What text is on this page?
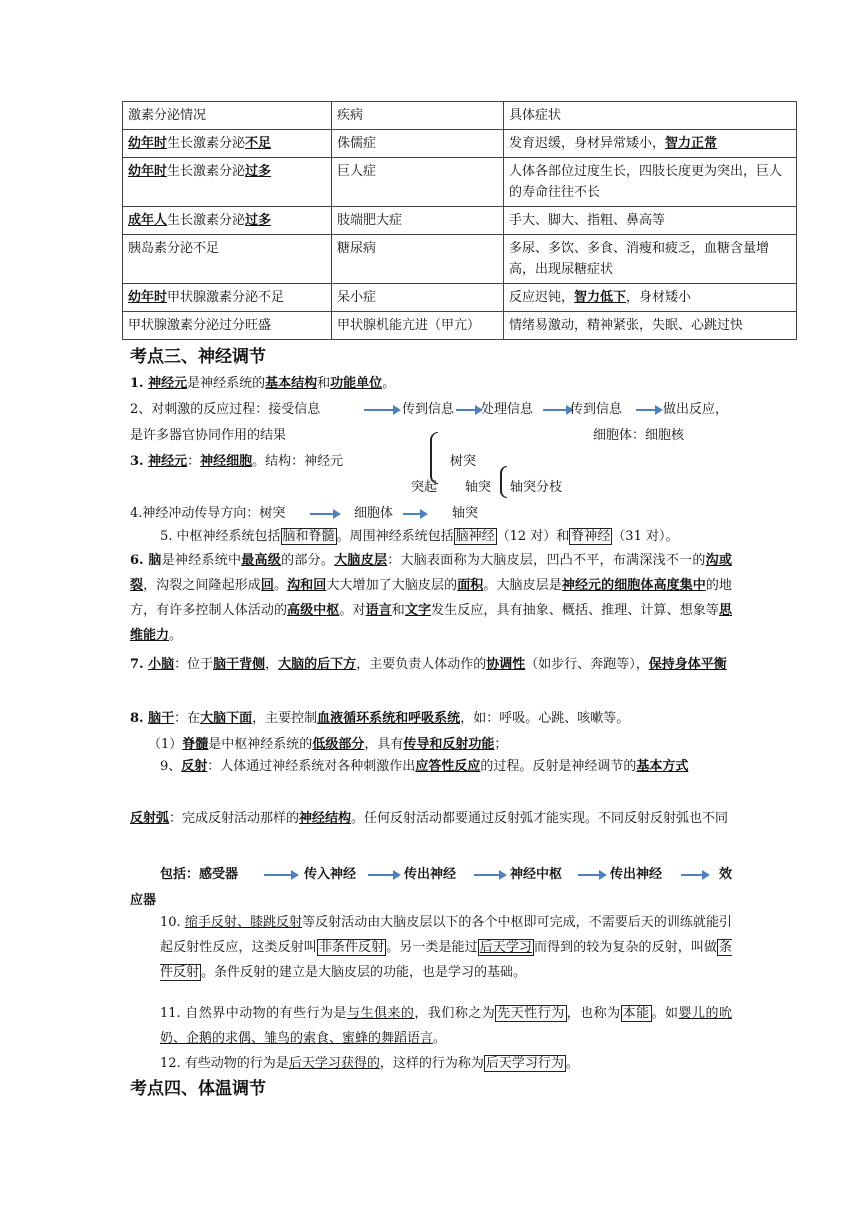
激素分泌情况	疾病	具体症状
幼年时生长激素分泌不足	侏儒症	发育迟缓，身材异常矮小，智力正常
幼年时生长激素分泌过多	巨人症	人体各部位过度生长，四肢长度更为突出，巨人的寿命往往不长
成年人生长激素分泌过多	肢端肥大症	手大、脚大、指粗、鼻高等
胰岛素分泌不足	糖尿病	多尿、多饮、多食、消瘦和疲乏，血糖含量增高，出现尿糖症状
幼年时甲状腺激素分泌不足	呆小症	反应迟钝，智力低下，身材矮小
甲状腺激素分泌过分旺盛	甲状腺机能亢进（甲亢）	情绪易激动，精神紧张，失眠、心跳过快
考点三、神经调节
1. 神经元是神经系统的基本结构和功能单位。
2、对刺激的反应过程：接受信息	传到信息 处理信息	传到信息	做出反应，
是许多器官协同作用的结果	细胞体：细胞核
3. 神经元：神经细胞。结构：神经元	树突
突起 轴突 轴突分枝
4.神经冲动传导方向：树突	细胞体	轴突
5. 中枢神经系统包括 脑和脊髓 。周围神经系统包括 脑神经 （12 对）和 脊神经 （31 对）。
6. 脑是神经系统中最高级的部分。大脑皮层：大脑表面称为大脑皮层，凹凸不平，布满深浅不一的沟或裂，沟裂之间隆起形成回。沟和回大大增加了大脑皮层的面积。大脑皮层是神经元的细胞体高度集中的地方，有许多控制人体活动的高级中枢。对语言和文字发生反应，具有抽象、概括、推理、计算、想象等思维能力。
7. 小脑：位于脑干背侧，大脑的后下方，主要负责人体动作的协调性（如步行、奔跑等），保持身体平衡
8. 脑干：在大脑下面，主要控制血液循环系统和呼吸系统，如：呼吸。心跳、咳嗽等。
（1）脊髓是中枢神经系统的低级部分，具有传导和反射功能；
9、反射：人体通过神经系统对各种刺激作出应答性反应的过程。反射是神经调节的基本方式
反射弧：完成反射活动那样的神经结构。任何反射活动都要通过反射弧才能实现。不同反射反射弧也不同
包括：感受器	传入神经	传出神经	神经中枢	传出神经	效
应器
10. 缩手反射、膝跳反射等反射活动由大脑皮层以下的各个中枢即可完成，不需要后天的训练就能引起反射性反应，这类反射叫 非条件反射 。另一类是能过 后天学习 而得到的较为复杂的反射，叫做 条件反射 。条件反射的建立是大脑皮层的功能，也是学习的基础。
11. 自然界中动物的有些行为是与生俱来的，我们称之为 先天性行为 ，也称为 本能 。如婴儿的吮奶、企鹅的求偶、雏鸟的索食、蜜蜂的舞蹈语言。
12. 有些动物的行为是后天学习获得的，这样的行为称为 后天学习行为 。
考点四、体温调节
